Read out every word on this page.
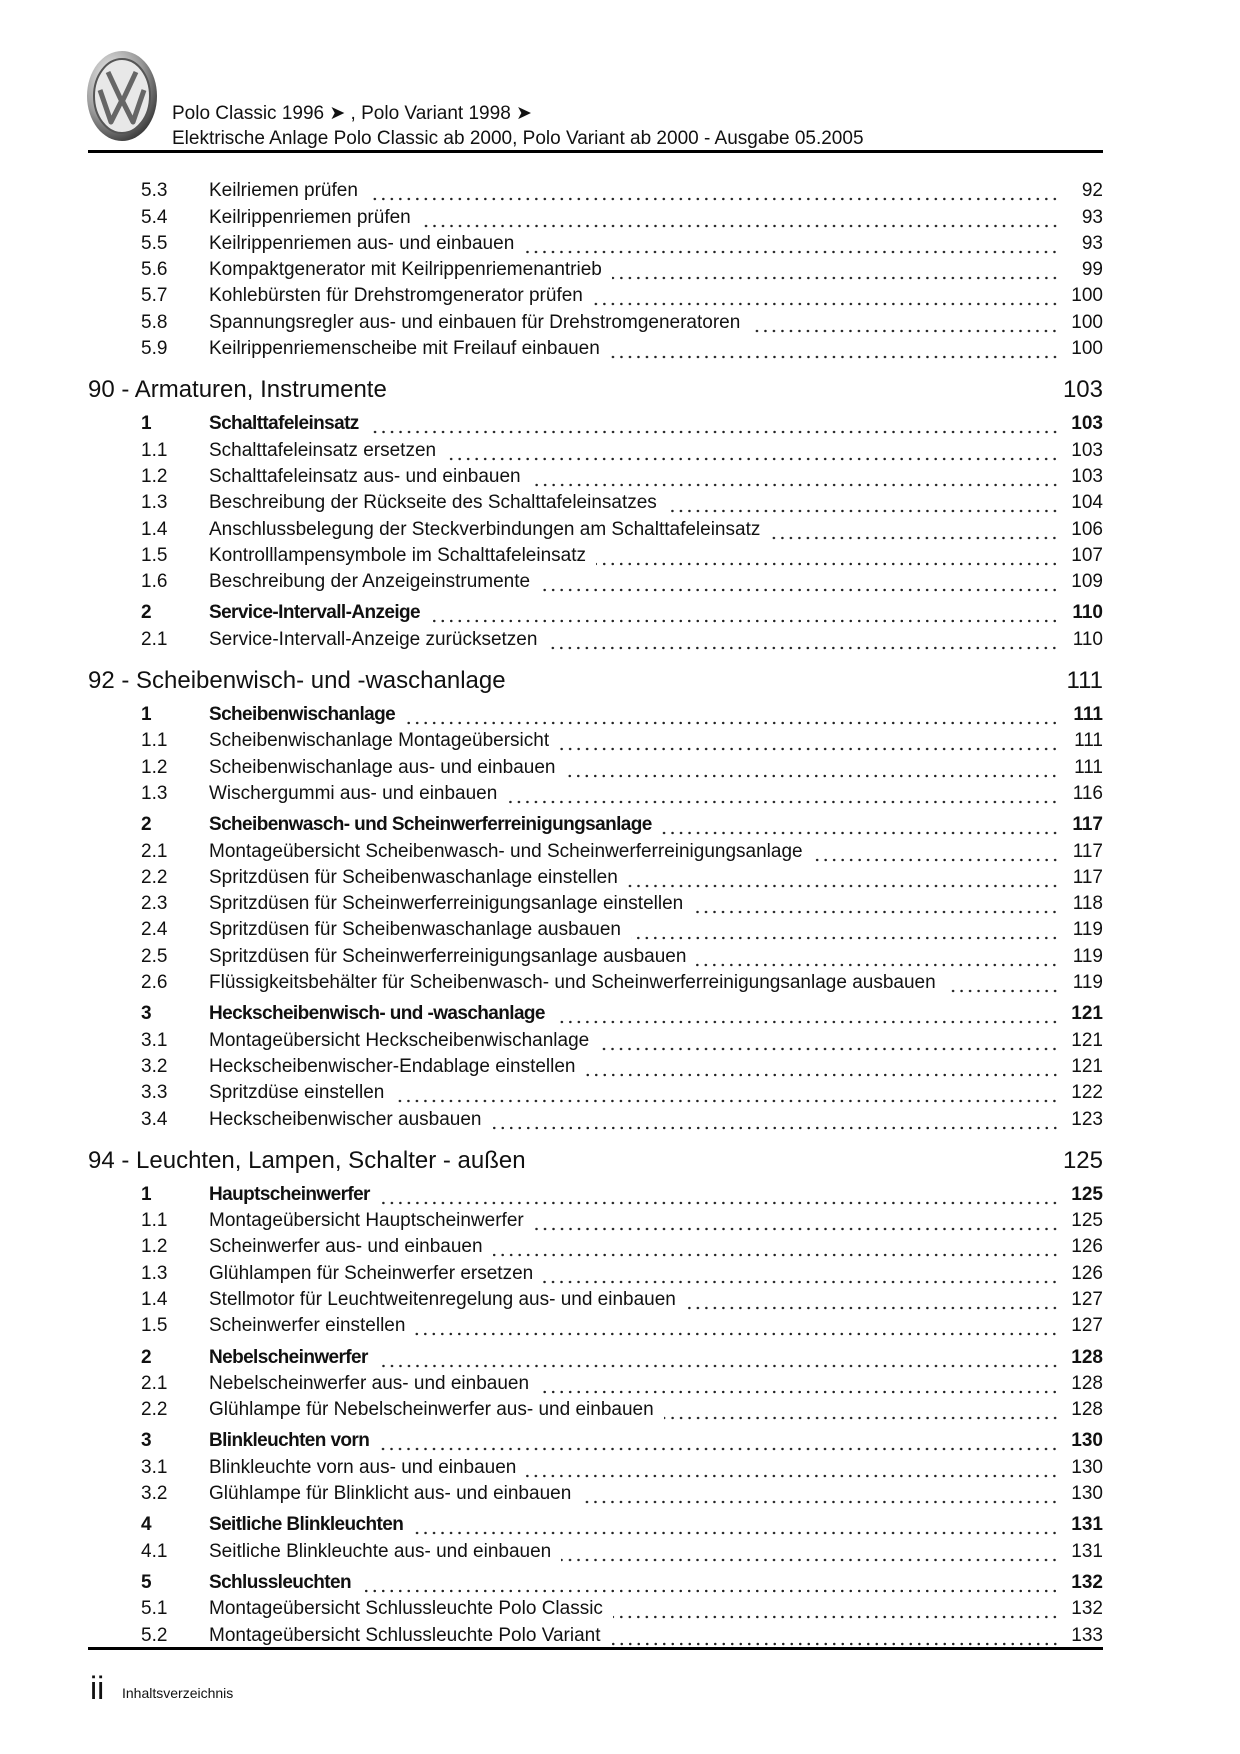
Polo Classic 1996 ➤ , Polo Variant 1998 ➤
Elektrische Anlage Polo Classic ab 2000, Polo Variant ab 2000 - Ausgabe 05.2005
5.3	Keilriemen prüfen	92
5.4	Keilrippenriemen prüfen	93
5.5	Keilrippenriemen aus- und einbauen	93
5.6	Kompaktgenerator mit Keilrippenriemenantrieb	99
5.7	Kohlebürsten für Drehstromgenerator prüfen	100
5.8	Spannungsregler aus- und einbauen für Drehstromgeneratoren	100
5.9	Keilrippenriemenscheibe mit Freilauf einbauen	100
90 - Armaturen, Instrumente	103
1	Schalttafeleinsatz	103
1.1	Schalttafeleinsatz ersetzen	103
1.2	Schalttafeleinsatz aus- und einbauen	103
1.3	Beschreibung der Rückseite des Schalttafeleinsatzes	104
1.4	Anschlussbelegung der Steckverbindungen am Schalttafeleinsatz	106
1.5	Kontrolllampensymbole im Schalttafeleinsatz	107
1.6	Beschreibung der Anzeigeinstrumente	109
2	Service-Intervall-Anzeige	110
2.1	Service-Intervall-Anzeige zurücksetzen	110
92 - Scheibenwisch- und -waschanlage	111
1	Scheibenwischanlage	111
1.1	Scheibenwischanlage Montageübersicht	111
1.2	Scheibenwischanlage aus- und einbauen	111
1.3	Wischergummi aus- und einbauen	116
2	Scheibenwasch- und Scheinwerferreinigungsanlage	117
2.1	Montageübersicht Scheibenwasch- und Scheinwerferreinigungsanlage	117
2.2	Spritzdüsen für Scheibenwaschanlage einstellen	117
2.3	Spritzdüsen für Scheinwerferreinigungsanlage einstellen	118
2.4	Spritzdüsen für Scheibenwaschanlage ausbauen	119
2.5	Spritzdüsen für Scheinwerferreinigungsanlage ausbauen	119
2.6	Flüssigkeitsbehälter für Scheibenwasch- und Scheinwerferreinigungsanlage ausbauen	119
3	Heckscheibenwisch- und -waschanlage	121
3.1	Montageübersicht Heckscheibenwischanlage	121
3.2	Heckscheibenwischer-Endablage einstellen	121
3.3	Spritzdüse einstellen	122
3.4	Heckscheibenwischer ausbauen	123
94 - Leuchten, Lampen, Schalter - außen	125
1	Hauptscheinwerfer	125
1.1	Montageübersicht Hauptscheinwerfer	125
1.2	Scheinwerfer aus- und einbauen	126
1.3	Glühlampen für Scheinwerfer ersetzen	126
1.4	Stellmotor für Leuchtweitenregelung aus- und einbauen	127
1.5	Scheinwerfer einstellen	127
2	Nebelscheinwerfer	128
2.1	Nebelscheinwerfer aus- und einbauen	128
2.2	Glühlampe für Nebelscheinwerfer aus- und einbauen	128
3	Blinkleuchten vorn	130
3.1	Blinkleuchte vorn aus- und einbauen	130
3.2	Glühlampe für Blinklicht aus- und einbauen	130
4	Seitliche Blinkleuchten	131
4.1	Seitliche Blinkleuchte aus- und einbauen	131
5	Schlussleuchten	132
5.1	Montageübersicht Schlussleuchte Polo Classic	132
5.2	Montageübersicht Schlussleuchte Polo Variant	133
ii Inhaltsverzeichnis
